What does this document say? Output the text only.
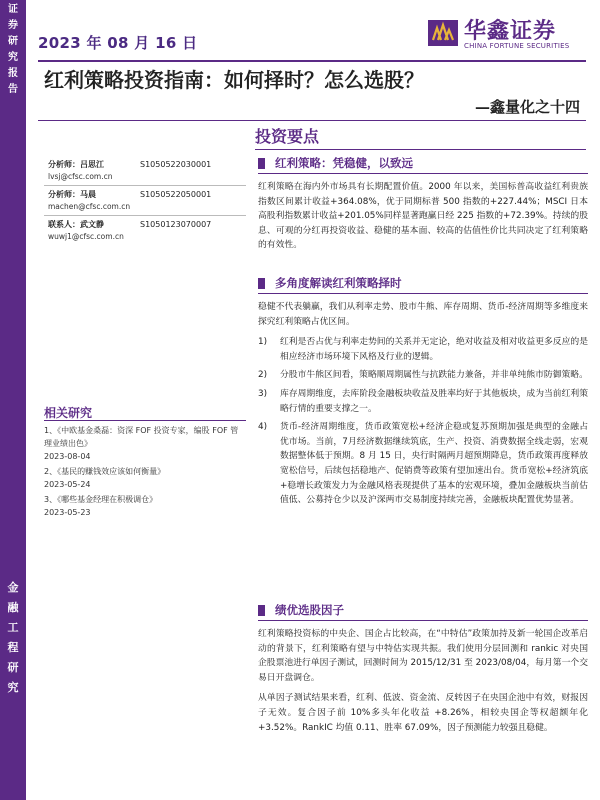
证
券
研
究
报
告
金
融
工
程
研
究
2023 年 08 月 16 日	华鑫证券
CHINA FORTUNE SECURITIES
红利策略投资指南：如何择时？怎么选股？
—鑫量化之十四
投资要点
分析师：吕思江	S1050522030001
lvsj@cfsc.com.cn
分析师：马晨	S1050522050001
machen@cfsc.com.cn
联系人：武文静	S1050123070007
wuwj1@cfsc.com.cn
相关研究
1、《中欧基金桑磊：资深 FOF 投资专家，编股 FOF 管理业绩出色》
2023-08-04
2、《基民的赚钱效应该如何衡量》
2023-05-24
3、《哪些基金经理在积极调仓》
2023-05-23
红利策略：凭稳健，以致远

红利策略在海内外市场具有长期配置价值。2000 年以来，美国标普高收益红利贵族指数区间累计收益+364.08%，优于同期标普 500 指数的+227.44%；MSCI 日本高股利指数累计收益+201.05%同样显著跑赢日经 225 指数的+72.39%。持续的股息、可观的分红再投资收益、稳健的基本面、较高的估值性价比共同决定了红利策略的有效性。

多角度解读红利策略择时

稳健不代表躺赢，我们从利率走势、股市牛熊、库存周期、货币-经济周期等多维度来探究红利策略占优区间。

1)	红利是否占优与利率走势间的关系并无定论，绝对收益及相对收益更多反应的是相应经济市场环境下风格及行业的逻辑。
2)	分股市牛熊区间看，策略顺周期属性与抗跌能力兼备，并非单纯熊市防御策略。
3)	库存周期维度，去库阶段金融板块收益及胜率均好于其他板块，成为当前红利策略行情的重要支撑之一。
4)	货币-经济周期维度，货币政策宽松+经济企稳或复苏预期加强是典型的金融占优市场。当前，7月经济数据继续筑底，生产、投资、消费数据全线走弱，宏观数据整体低于预期。8 月 15 日，央行时隔两月超预期降息，货币政策再度释放宽松信号，后续包括稳地产、促销费等政策有望加速出台。货币宽松+经济筑底+稳增长政策发力为金融风格表现提供了基本的宏观环境，叠加金融板块当前估值低、公募持仓少以及沪深两市交易制度持续完善，金融板块配置优势显著。
绩优选股因子

红利策略投资标的中央企、国企占比较高，在“中特估”政策加持及新一轮国企改革启动的背景下，红利策略有望与中特估实现共振。我们使用分层回测和 rankic 对央国企股票池进行单因子测试，回测时间为 2015/12/31 至 2023/08/04，每月第一个交易日开盘调仓。

从单因子测试结果来看，红利、低波、资金流、反转因子在央国企池中有效，财报因子无效。复合因子前 10%多头年化收益 +8.26%，相较央国企等权超额年化+3.52%。RankIC 均值 0.11、胜率 67.09%，因子预测能力较强且稳健。
